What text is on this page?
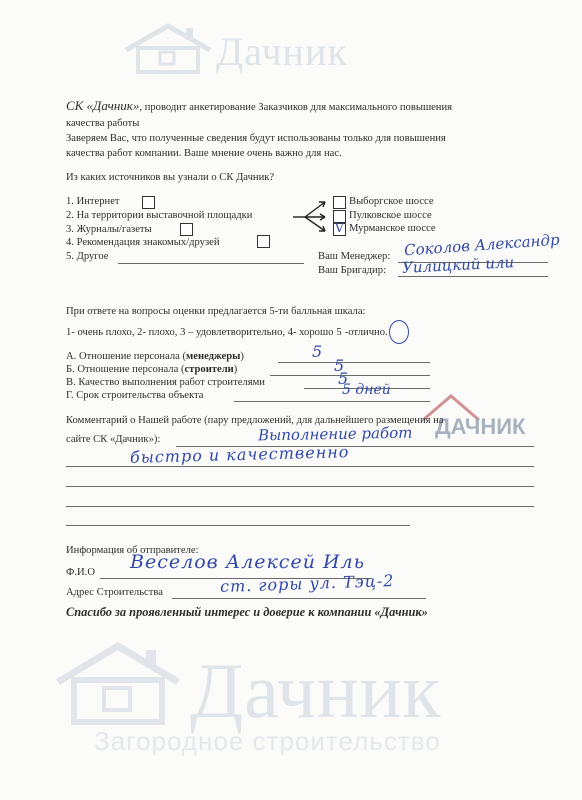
Дачник
Дачник
Загородное строительство
ДАЧНИК
СК «Дачник», проводит анкетирование Заказчиков для максимального повышения
качества работы
Заверяем Вас, что полученные сведения будут использованы только для повышения
качества работ компании. Ваше мнение очень важно для нас.
Из каких источников вы узнали о СК Дачник?
1. Интернет
2. На территории выставочной площадки
3. Журналы/газеты
4. Рекомендация знакомых/друзей
5. Другое
Выборгское шоссе
Пулковское шоссе
V Мурманское шоссе
Ваш Менеджер: Соколов Александр
Ваш Бригадир: Уилицкий или
При ответе на вопросы оценки предлагается 5-ти балльная шкала:
1- очень плохо, 2- плохо, 3 – удовлетворительно, 4- хорошо 5 -отлично.
А. Отношение персонала (менеджеры)	5
Б. Отношение персонала (строители)	5
В. Качество выполнения работ строителями	5
Г. Срок строительства объекта	5 дней
Комментарий о Нашей работе (пару предложений, для дальнейшего размещения на
сайте СК «Дачник»):	Выполнение работ
быстро и качественно
Информация об отправителе:
Ф.И.О Веселов Алексей Иль
Адрес Строительства	ст. горы ул. Тэц-2
Спасибо за проявленный интерес и доверие к компании «Дачник»
